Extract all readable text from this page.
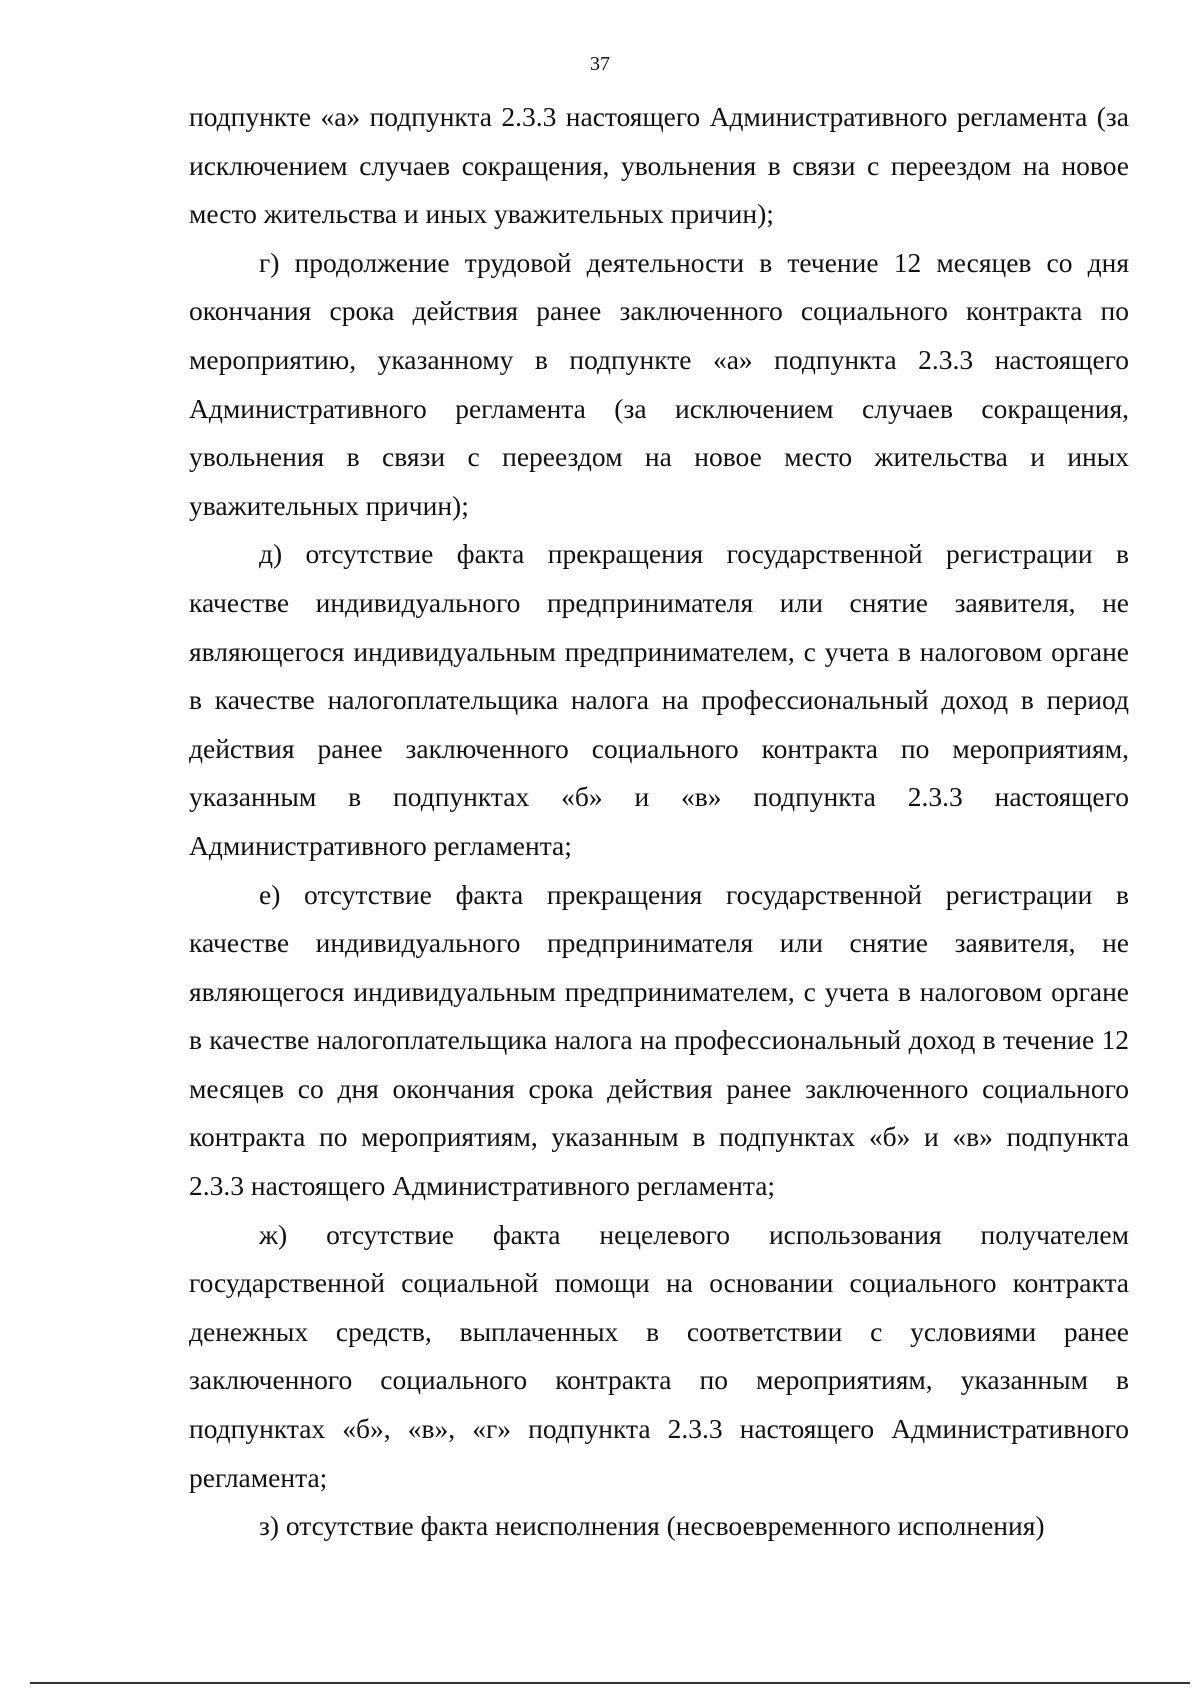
37

подпункте «а» подпункта 2.3.3 настоящего Административного регламента (за исключением случаев сокращения, увольнения в связи с переездом на новое место жительства и иных уважительных причин);

г) продолжение трудовой деятельности в течение 12 месяцев со дня окончания срока действия ранее заключенного социального контракта по мероприятию, указанному в подпункте «а» подпункта 2.3.3 настоящего Административного регламента (за исключением случаев сокращения, увольнения в связи с переездом на новое место жительства и иных уважительных причин);

д) отсутствие факта прекращения государственной регистрации в качестве индивидуального предпринимателя или снятие заявителя, не являющегося индивидуальным предпринимателем, с учета в налоговом органе в качестве налогоплательщика налога на профессиональный доход в период действия ранее заключенного социального контракта по мероприятиям, указанным в подпунктах «б» и «в» подпункта 2.3.3 настоящего Административного регламента;

е) отсутствие факта прекращения государственной регистрации в качестве индивидуального предпринимателя или снятие заявителя, не являющегося индивидуальным предпринимателем, с учета в налоговом органе в качестве налогоплательщика налога на профессиональный доход в течение 12 месяцев со дня окончания срока действия ранее заключенного социального контракта по мероприятиям, указанным в подпунктах «б» и «в» подпункта 2.3.3 настоящего Административного регламента;

ж) отсутствие факта нецелевого использования получателем государственной социальной помощи на основании социального контракта денежных средств, выплаченных в соответствии с условиями ранее заключенного социального контракта по мероприятиям, указанным в подпунктах «б», «в», «г» подпункта 2.3.3 настоящего Административного регламента;

з) отсутствие факта неисполнения (несвоевременного исполнения)
